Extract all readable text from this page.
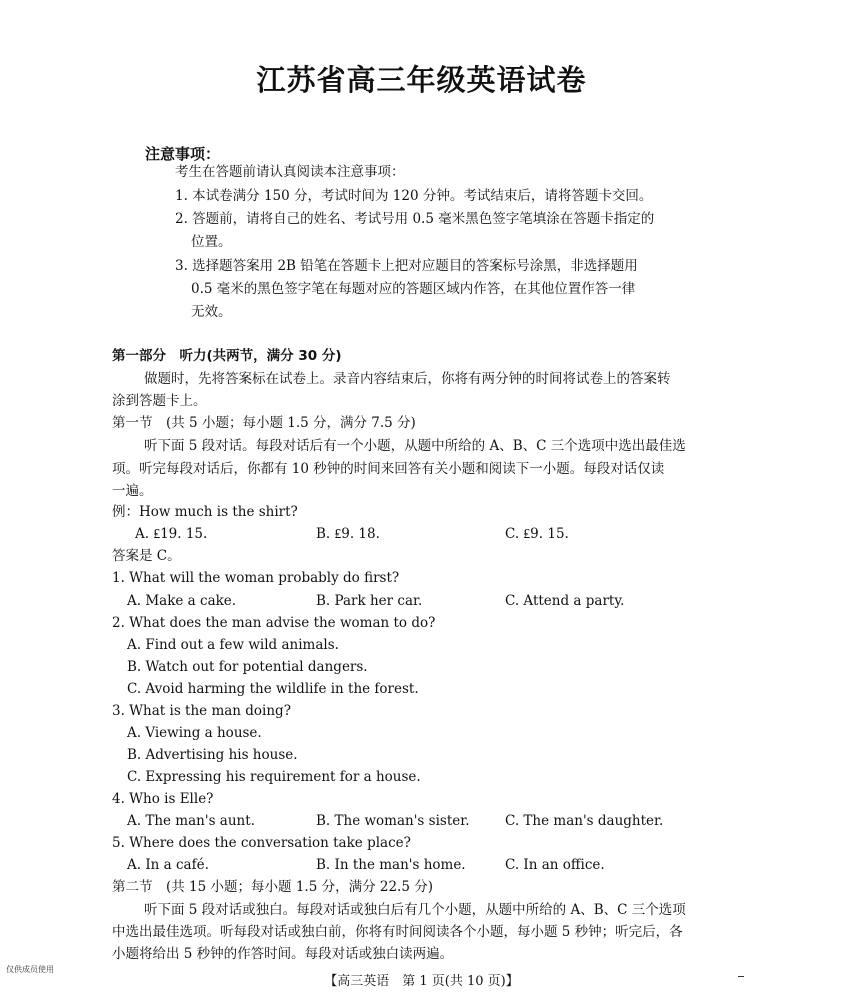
江苏省高三年级英语试卷
注意事项：
考生在答题前请认真阅读本注意事项：
1. 本试卷满分 150 分，考试时间为 120 分钟。考试结束后，请将答题卡交回。
2. 答题前，请将自己的姓名、考试号用 0.5 毫米黑色签字笔填涂在答题卡指定的
位置。
3. 选择题答案用 2B 铅笔在答题卡上把对应题目的答案标号涂黑，非选择题用
0.5 毫米的黑色签字笔在每题对应的答题区域内作答，在其他位置作答一律
无效。
第一部分　听力(共两节，满分 30 分)
做题时，先将答案标在试卷上。录音内容结束后，你将有两分钟的时间将试卷上的答案转
涂到答题卡上。
第一节　(共 5 小题；每小题 1.5 分，满分 7.5 分)
听下面 5 段对话。每段对话后有一个小题，从题中所给的 A、B、C 三个选项中选出最佳选
项。听完每段对话后，你都有 10 秒钟的时间来回答有关小题和阅读下一小题。每段对话仅读
一遍。
例：How much is the shirt?
A. ₤19. 15.	B. ₤9. 18.	C. ₤9. 15.
答案是 C。
1. What will the woman probably do first?
A. Make a cake.	B. Park her car.	C. Attend a party.
2. What does the man advise the woman to do?
A. Find out a few wild animals.
B. Watch out for potential dangers.
C. Avoid harming the wildlife in the forest.
3. What is the man doing?
A. Viewing a house.
B. Advertising his house.
C. Expressing his requirement for a house.
4. Who is Elle?
A. The man's aunt.	B. The woman's sister.	C. The man's daughter.
5. Where does the conversation take place?
A. In a café.	B. In the man's home.	C. In an office.
第二节　(共 15 小题；每小题 1.5 分，满分 22.5 分)
听下面 5 段对话或独白。每段对话或独白后有几个小题，从题中所给的 A、B、C 三个选项
中选出最佳选项。听每段对话或独白前，你将有时间阅读各个小题，每小题 5 秒钟；听完后，各
小题将给出 5 秒钟的作答时间。每段对话或独白读两遍。
仅供成员使用
【高三英语　第 1 页(共 10 页)】
